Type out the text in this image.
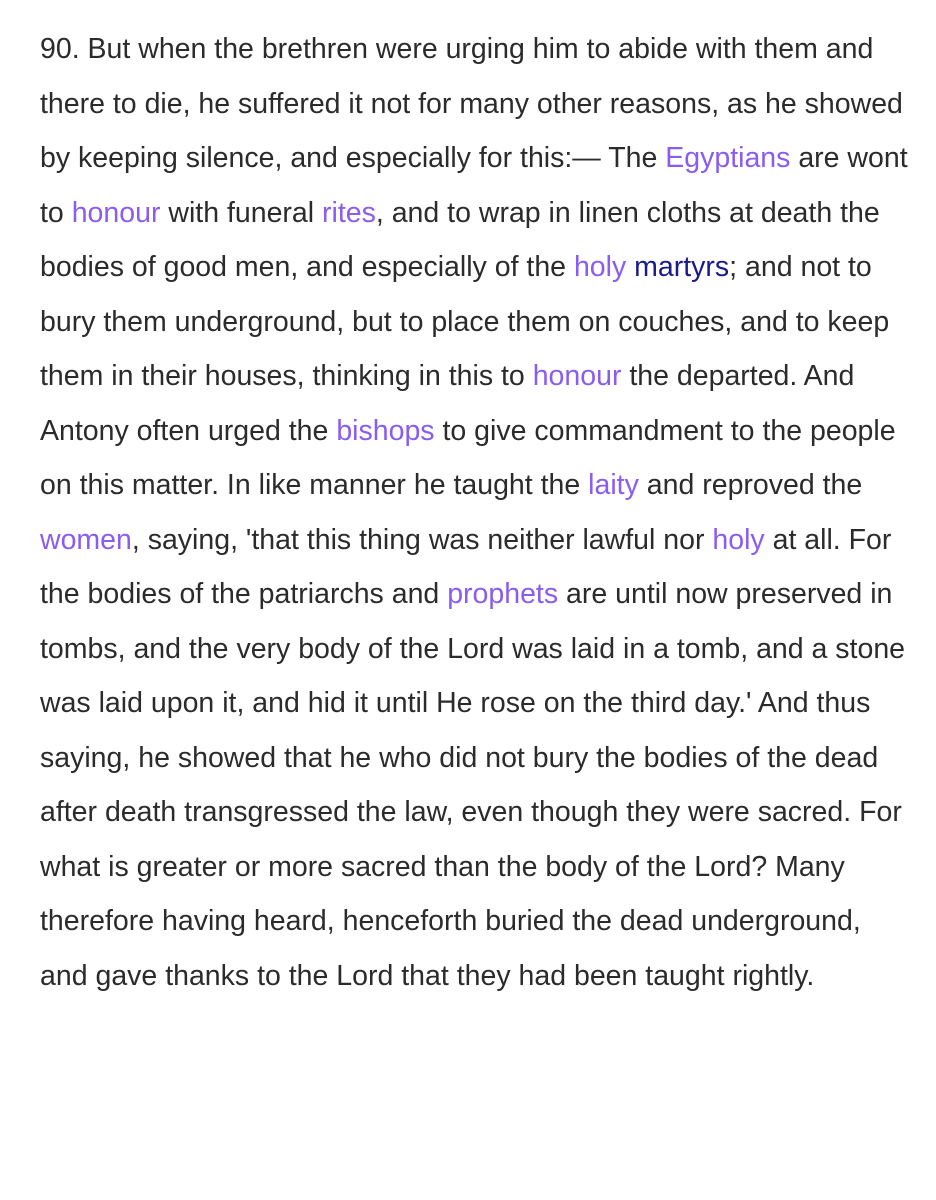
90. But when the brethren were urging him to abide with them and there to die, he suffered it not for many other reasons, as he showed by keeping silence, and especially for this:— The Egyptians are wont to honour with funeral rites, and to wrap in linen cloths at death the bodies of good men, and especially of the holy martyrs; and not to bury them underground, but to place them on couches, and to keep them in their houses, thinking in this to honour the departed. And Antony often urged the bishops to give commandment to the people on this matter. In like manner he taught the laity and reproved the women, saying, 'that this thing was neither lawful nor holy at all. For the bodies of the patriarchs and prophets are until now preserved in tombs, and the very body of the Lord was laid in a tomb, and a stone was laid upon it, and hid it until He rose on the third day.' And thus saying, he showed that he who did not bury the bodies of the dead after death transgressed the law, even though they were sacred. For what is greater or more sacred than the body of the Lord? Many therefore having heard, henceforth buried the dead underground, and gave thanks to the Lord that they had been taught rightly.
